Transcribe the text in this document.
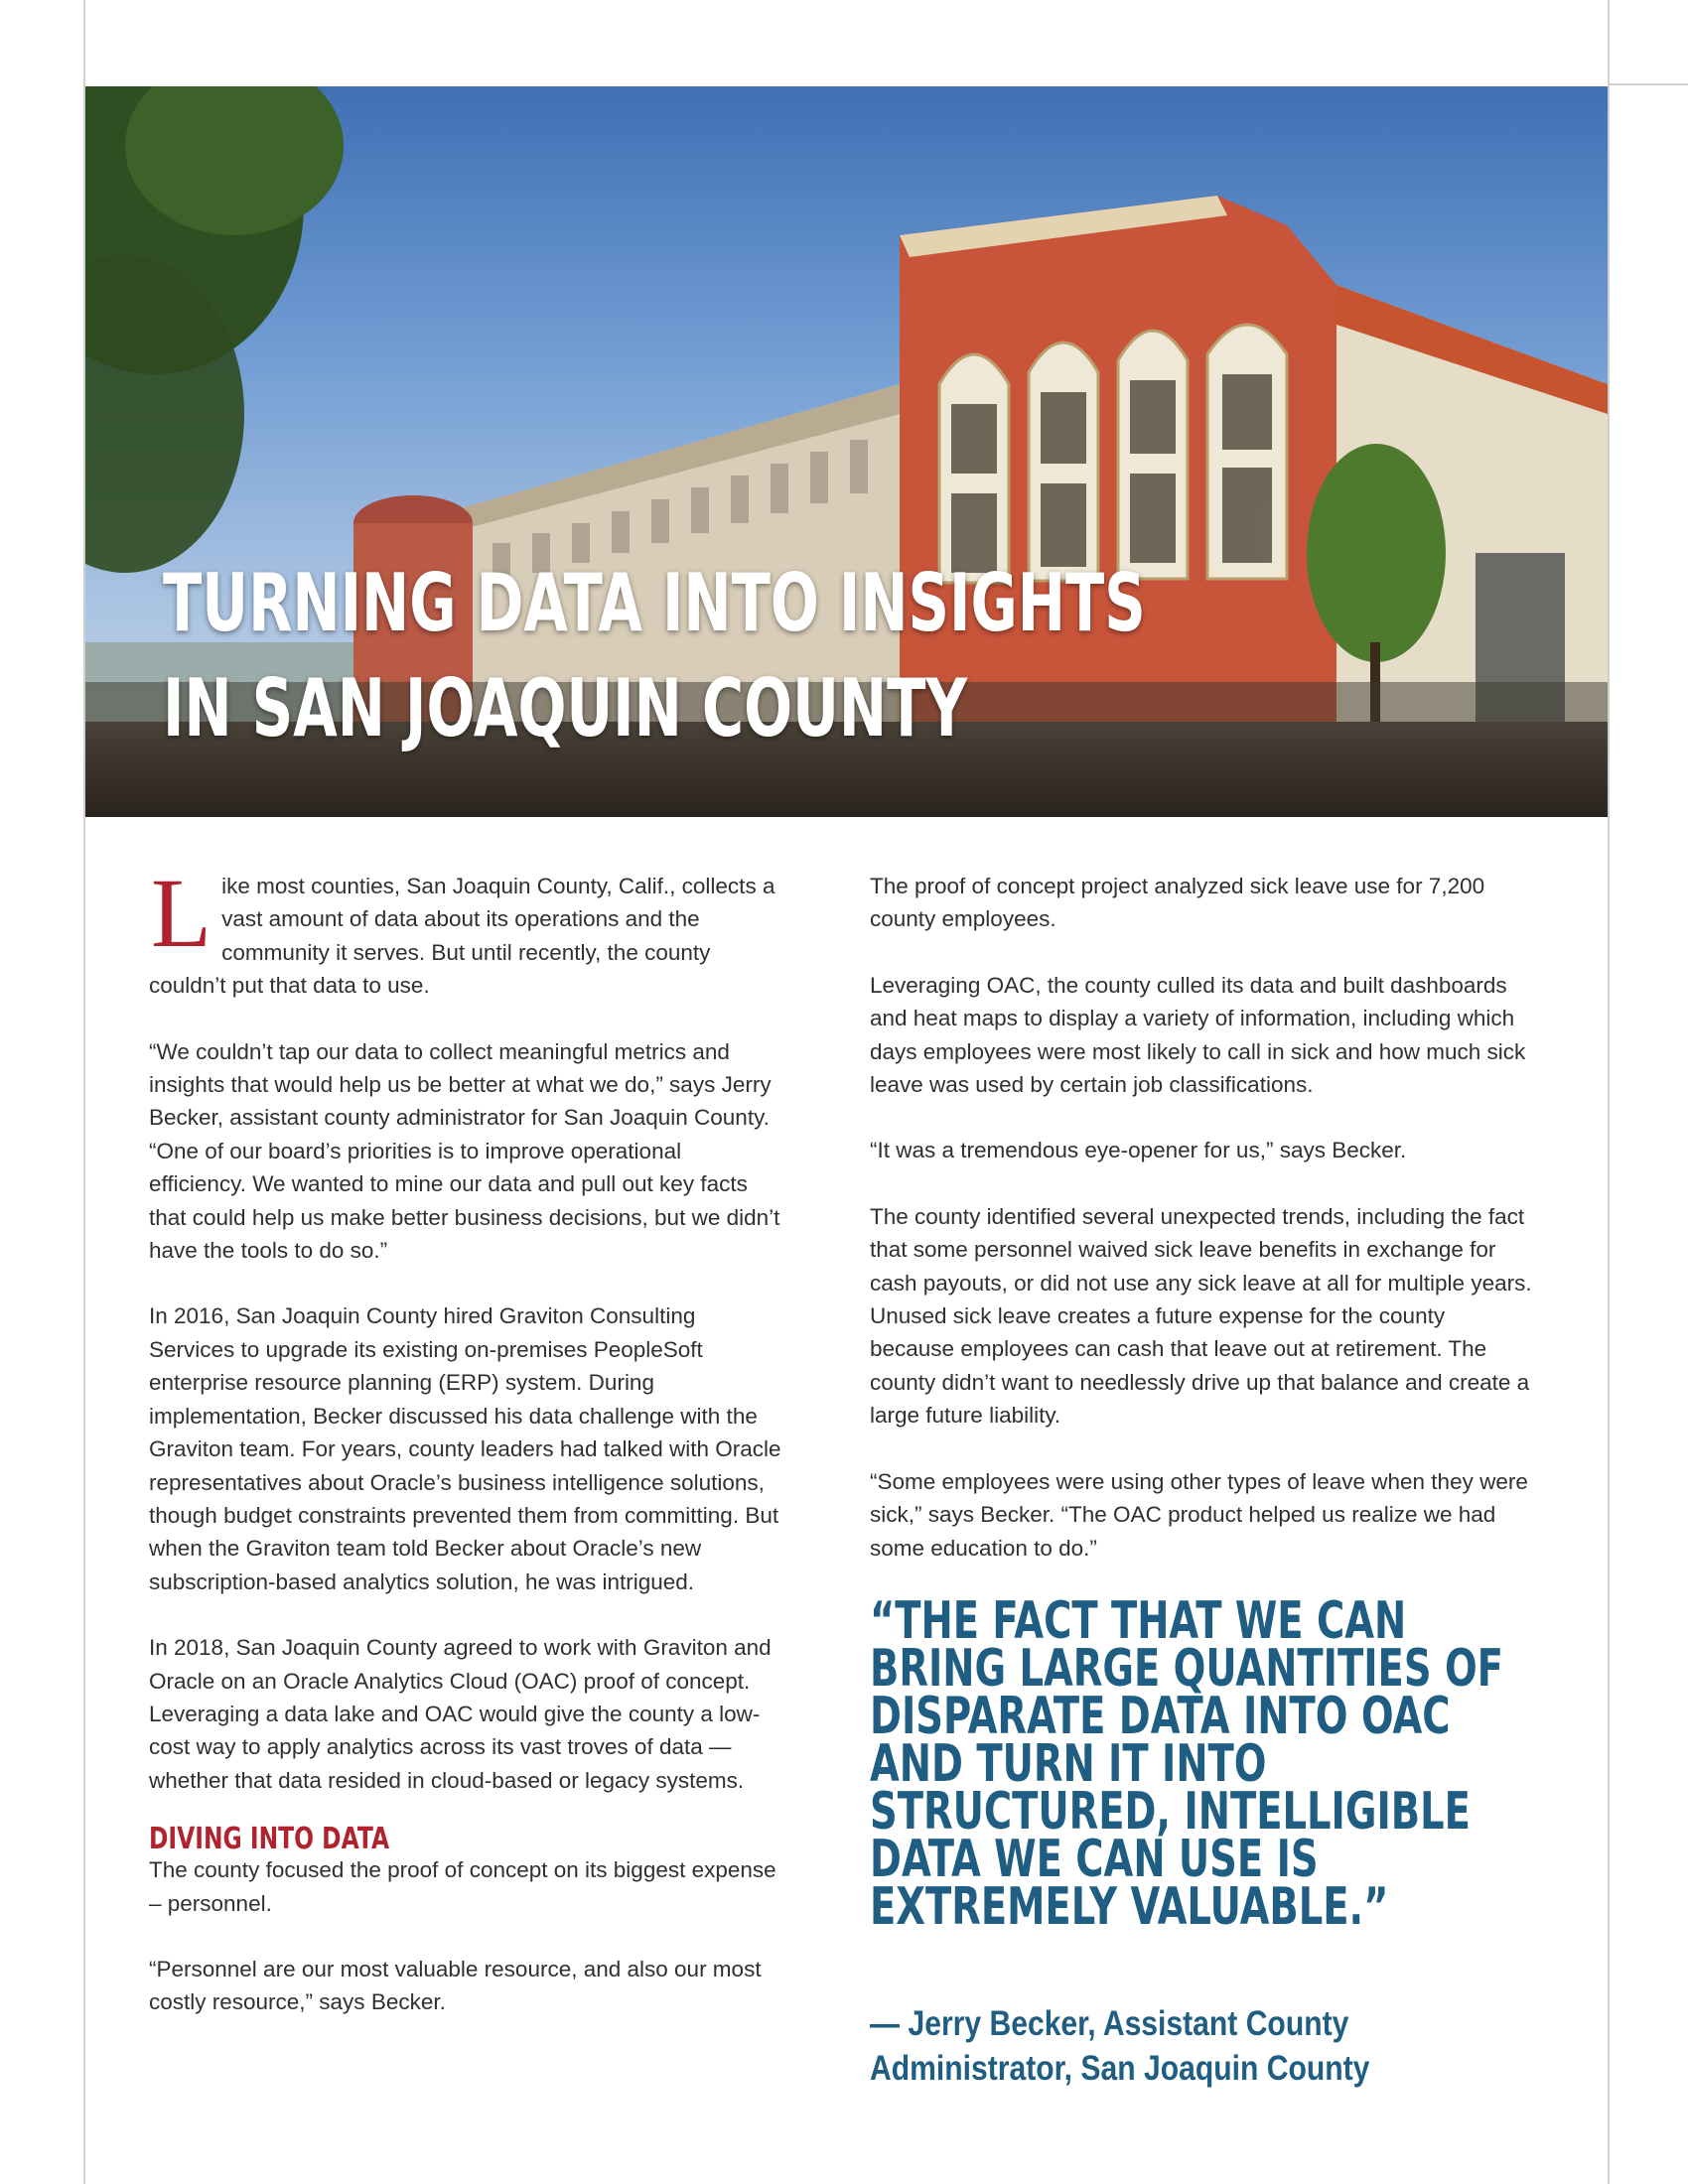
TURNING DATA INTO INSIGHTS
IN SAN JOAQUIN COUNTY

Like most counties, San Joaquin County, Calif., collects a vast amount of data about its operations and the community it serves. But until recently, the county couldn’t put that data to use.

“We couldn’t tap our data to collect meaningful metrics and insights that would help us be better at what we do,” says Jerry Becker, assistant county administrator for San Joaquin County. “One of our board’s priorities is to improve operational efficiency. We wanted to mine our data and pull out key facts that could help us make better business decisions, but we didn’t have the tools to do so.”

In 2016, San Joaquin County hired Graviton Consulting Services to upgrade its existing on-premises PeopleSoft enterprise resource planning (ERP) system. During implementation, Becker discussed his data challenge with the Graviton team. For years, county leaders had talked with Oracle representatives about Oracle’s business intelligence solutions, though budget constraints prevented them from committing. But when the Graviton team told Becker about Oracle’s new subscription-based analytics solution, he was intrigued.

In 2018, San Joaquin County agreed to work with Graviton and Oracle on an Oracle Analytics Cloud (OAC) proof of concept. Leveraging a data lake and OAC would give the county a low-cost way to apply analytics across its vast troves of data — whether that data resided in cloud-based or legacy systems.

DIVING INTO DATA

The county focused the proof of concept on its biggest expense – personnel.

“Personnel are our most valuable resource, and also our most costly resource,” says Becker.

The proof of concept project analyzed sick leave use for 7,200 county employees.

Leveraging OAC, the county culled its data and built dashboards and heat maps to display a variety of information, including which days employees were most likely to call in sick and how much sick leave was used by certain job classifications.

“It was a tremendous eye-opener for us,” says Becker.

The county identified several unexpected trends, including the fact that some personnel waived sick leave benefits in exchange for cash payouts, or did not use any sick leave at all for multiple years. Unused sick leave creates a future expense for the county because employees can cash that leave out at retirement. The county didn’t want to needlessly drive up that balance and create a large future liability.

“Some employees were using other types of leave when they were sick,” says Becker. “The OAC product helped us realize we had some education to do.”

“THE FACT THAT WE CAN BRING LARGE QUANTITIES OF DISPARATE DATA INTO OAC AND TURN IT INTO STRUCTURED, INTELLIGIBLE DATA WE CAN USE IS EXTREMELY VALUABLE.”
— Jerry Becker, Assistant County
Administrator, San Joaquin County
